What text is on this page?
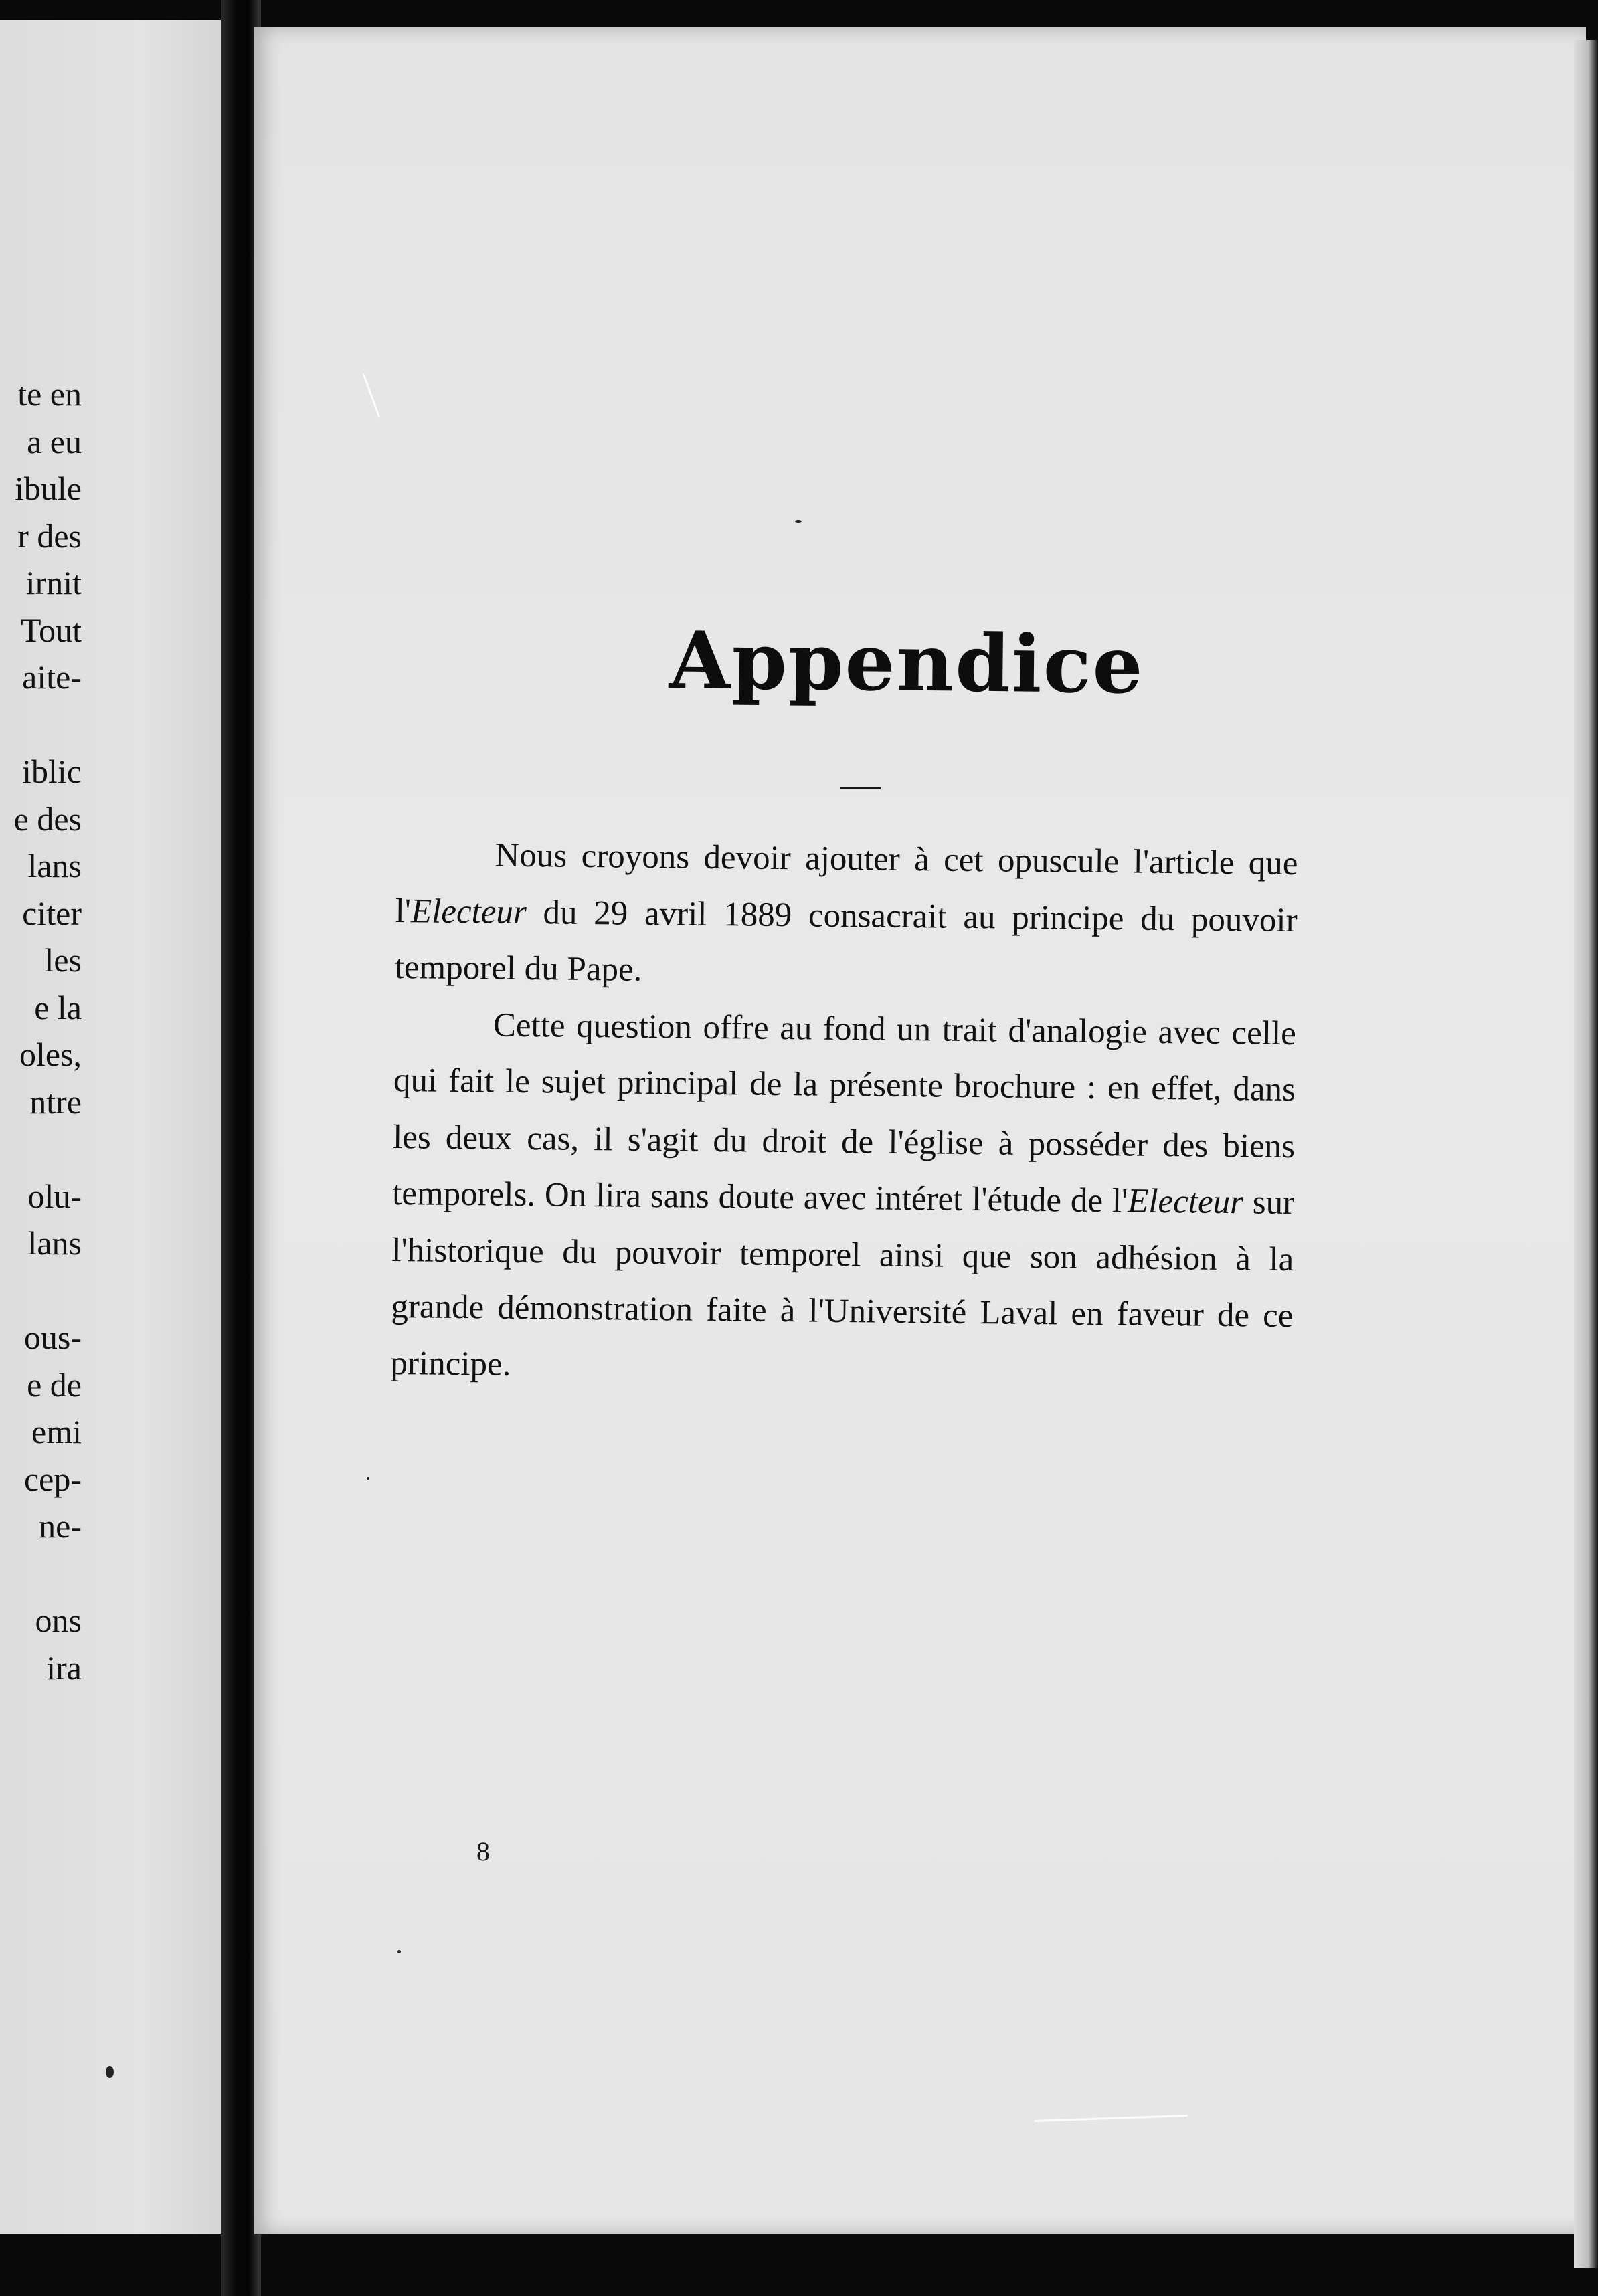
te en
a eu
ibule
r des
irnit
Tout
aite-
iblic
e des
lans
citer
les
e la
oles,
ntre
olu-
lans
ous-
e de
emi
cep-
ne-
ons
ira
Appendice

Nous croyons devoir ajouter à cet opuscule l'article que l'Electeur du 29 avril 1889 consacrait au principe du pouvoir temporel du Pape.

Cette question offre au fond un trait d'analogie avec celle qui fait le sujet principal de la présente brochure : en effet, dans les deux cas, il s'agit du droit de l'église à posséder des biens temporels. On lira sans doute avec intéret l'étude de l'Electeur sur l'historique du pouvoir temporel ainsi que son adhésion à la grande démonstration faite à l'Université Laval en faveur de ce principe.

8
